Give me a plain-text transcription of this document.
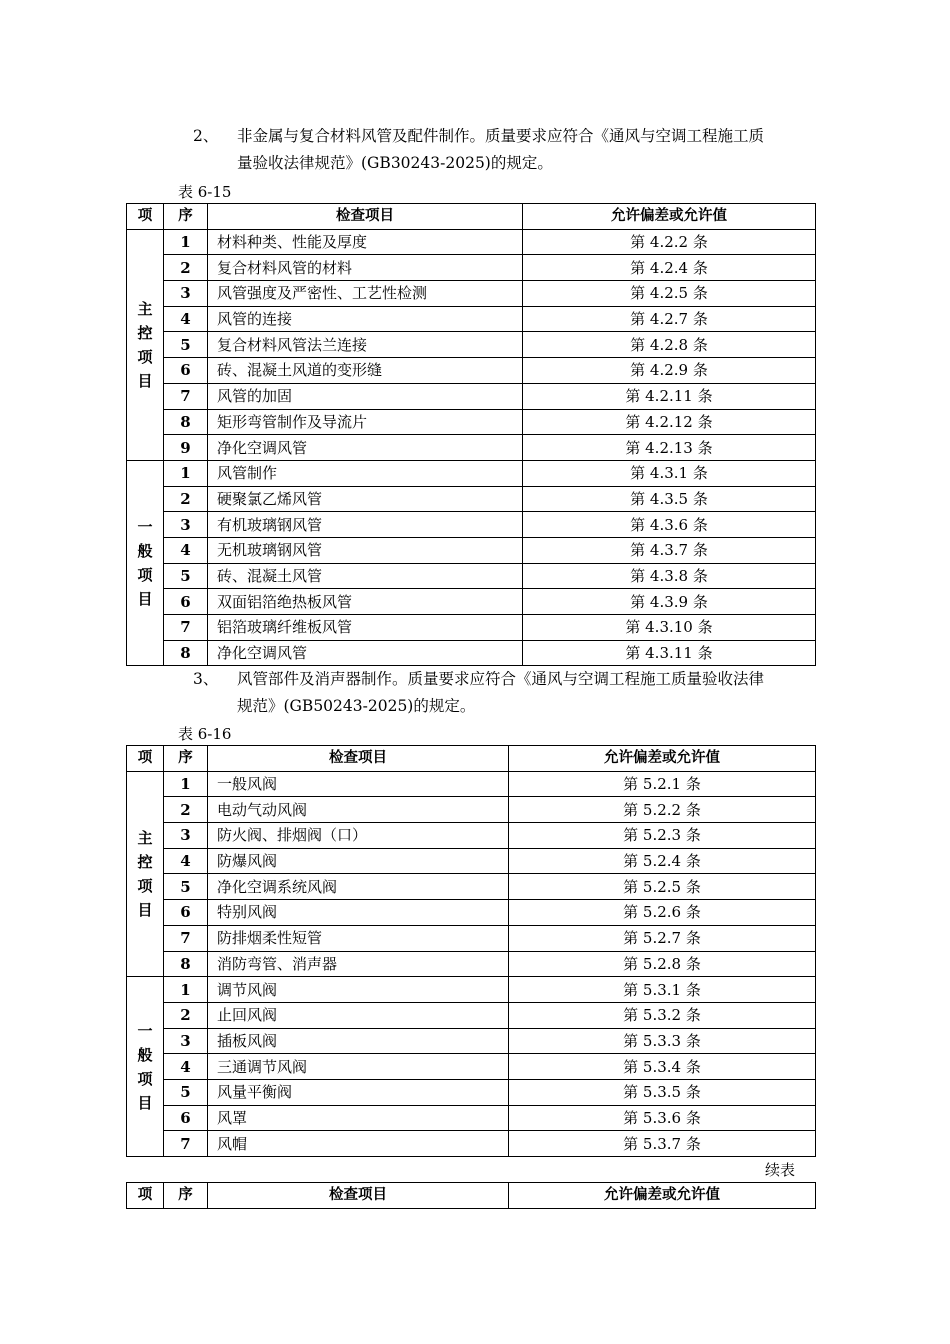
2、 非金属与复合材料风管及配件制作。质量要求应符合《通风与空调工程施工质
量验收法律规范》(GB30243-2025)的规定。
表 6-15
项	序	检查项目	允许偏差或允许值

主控项目	1	材料种类、性能及厚度	第 4.2.2 条
	2	复合材料风管的材料	第 4.2.4 条
	3	风管强度及严密性、工艺性检测	第 4.2.5 条
	4	风管的连接	第 4.2.7 条
	5	复合材料风管法兰连接	第 4.2.8 条
	6	砖、混凝土风道的变形缝	第 4.2.9 条
	7	风管的加固	第 4.2.11 条
	8	矩形弯管制作及导流片	第 4.2.12 条
	9	净化空调风管	第 4.2.13 条

一般项目	1	风管制作	第 4.3.1 条
	2	硬聚氯乙烯风管	第 4.3.5 条
	3	有机玻璃钢风管	第 4.3.6 条
	4	无机玻璃钢风管	第 4.3.7 条
	5	砖、混凝土风管	第 4.3.8 条
	6	双面铝箔绝热板风管	第 4.3.9 条
	7	铝箔玻璃纤维板风管	第 4.3.10 条
	8	净化空调风管	第 4.3.11 条
3、 风管部件及消声器制作。质量要求应符合《通风与空调工程施工质量验收法律
规范》(GB50243-2025)的规定。
表 6-16
项	序	检查项目	允许偏差或允许值

主控项目	1	一般风阀	第 5.2.1 条
	2	电动气动风阀	第 5.2.2 条
	3	防火阀、排烟阀（口）	第 5.2.3 条
	4	防爆风阀	第 5.2.4 条
	5	净化空调系统风阀	第 5.2.5 条
	6	特别风阀	第 5.2.6 条
	7	防排烟柔性短管	第 5.2.7 条
	8	消防弯管、消声器	第 5.2.8 条

一般项目	1	调节风阀	第 5.3.1 条
	2	止回风阀	第 5.3.2 条
	3	插板风阀	第 5.3.3 条
	4	三通调节风阀	第 5.3.4 条
	5	风量平衡阀	第 5.3.5 条
	6	风罩	第 5.3.6 条
	7	风帽	第 5.3.7 条
续表
项	序	检查项目	允许偏差或允许值
